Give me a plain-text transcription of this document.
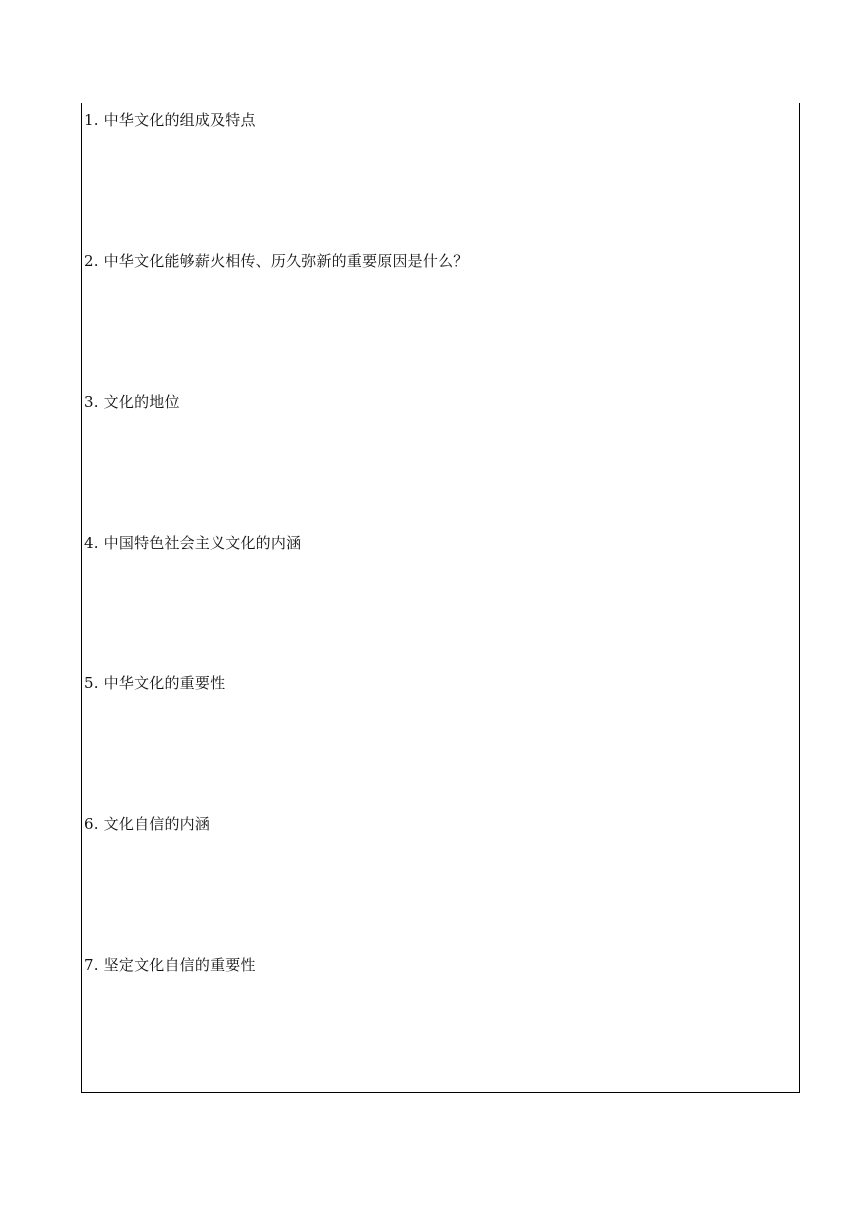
1. 中华文化的组成及特点
2. 中华文化能够薪火相传、历久弥新的重要原因是什么？
3. 文化的地位
4. 中国特色社会主义文化的内涵
5. 中华文化的重要性
6. 文化自信的内涵
7. 坚定文化自信的重要性
